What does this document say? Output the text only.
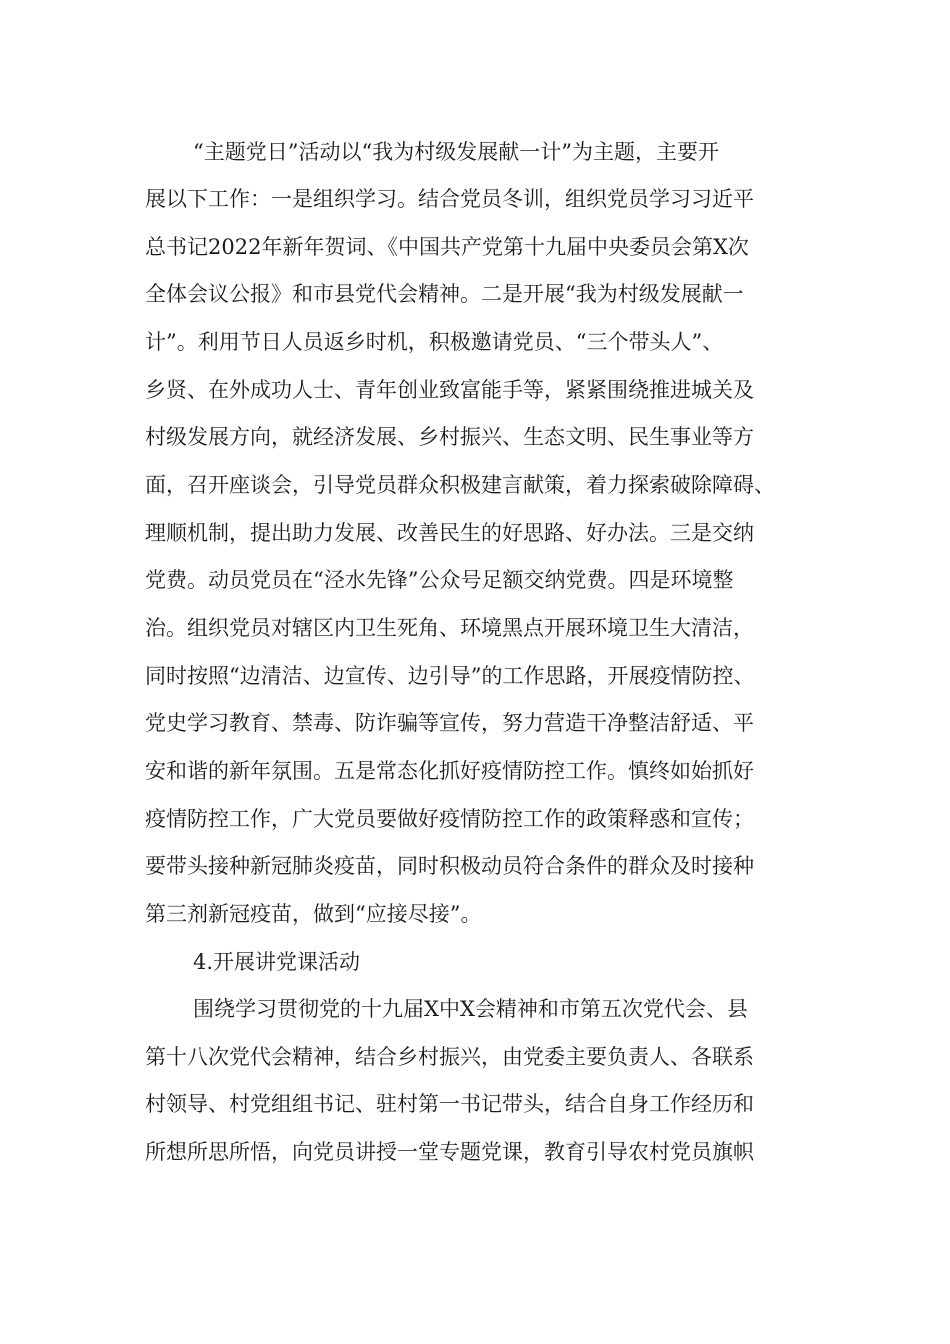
“主题党日”活动以“我为村级发展献一计”为主题，主要开
展以下工作：一是组织学习。结合党员冬训，组织党员学习习近平
总书记2022年新年贺词、《中国共产党第十九届中央委员会第X次
全体会议公报》和市县党代会精神。二是开展“我为村级发展献一
计”。利用节日人员返乡时机，积极邀请党员、“三个带头人”、
乡贤、在外成功人士、青年创业致富能手等，紧紧围绕推进城关及
村级发展方向，就经济发展、乡村振兴、生态文明、民生事业等方
面，召开座谈会，引导党员群众积极建言献策，着力探索破除障碍、
理顺机制，提出助力发展、改善民生的好思路、好办法。三是交纳
党费。动员党员在“泾水先锋”公众号足额交纳党费。四是环境整
治。组织党员对辖区内卫生死角、环境黑点开展环境卫生大清洁，
同时按照“边清洁、边宣传、边引导”的工作思路，开展疫情防控、
党史学习教育、禁毒、防诈骗等宣传，努力营造干净整洁舒适、平
安和谐的新年氛围。五是常态化抓好疫情防控工作。慎终如始抓好
疫情防控工作，广大党员要做好疫情防控工作的政策释惑和宣传；
要带头接种新冠肺炎疫苗，同时积极动员符合条件的群众及时接种
第三剂新冠疫苗，做到“应接尽接”。
4.开展讲党课活动
围绕学习贯彻党的十九届X中X会精神和市第五次党代会、县
第十八次党代会精神，结合乡村振兴，由党委主要负责人、各联系
村领导、村党组组书记、驻村第一书记带头，结合自身工作经历和
所想所思所悟，向党员讲授一堂专题党课，教育引导农村党员旗帜
